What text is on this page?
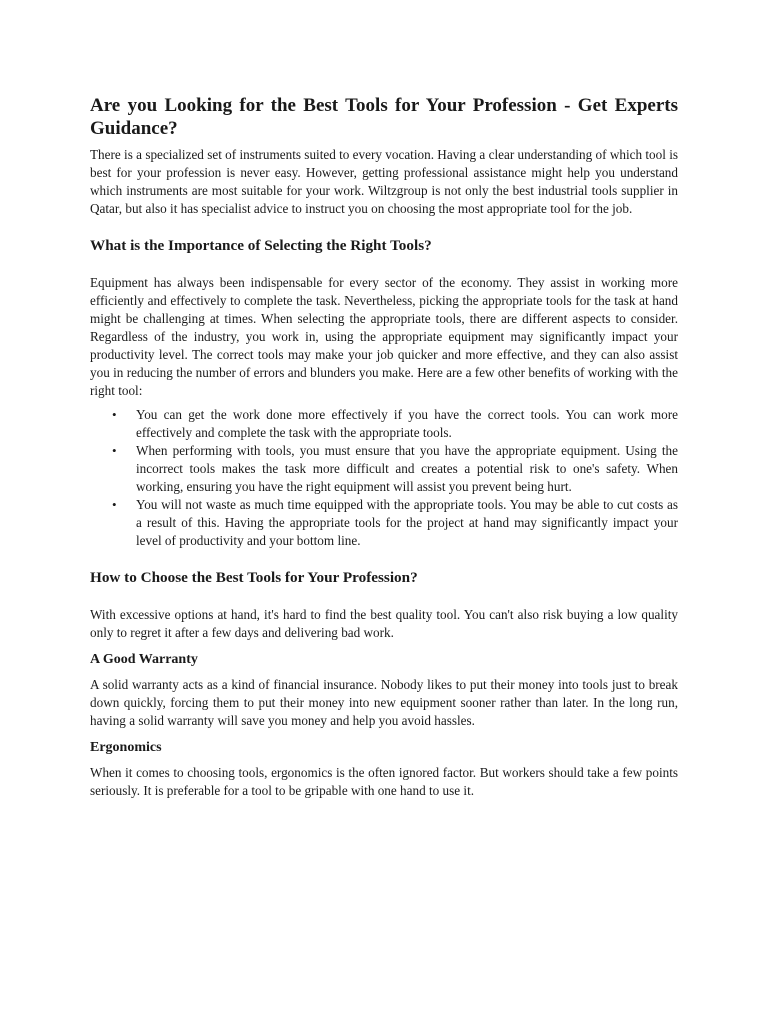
Are you Looking for the Best Tools for Your Profession - Get Experts Guidance?

There is a specialized set of instruments suited to every vocation. Having a clear understanding of which tool is best for your profession is never easy. However, getting professional assistance might help you understand which instruments are most suitable for your work. Wiltzgroup is not only the best industrial tools supplier in Qatar, but also it has specialist advice to instruct you on choosing the most appropriate tool for the job.

What is the Importance of Selecting the Right Tools?

Equipment has always been indispensable for every sector of the economy. They assist in working more efficiently and effectively to complete the task. Nevertheless, picking the appropriate tools for the task at hand might be challenging at times. When selecting the appropriate tools, there are different aspects to consider. Regardless of the industry, you work in, using the appropriate equipment may significantly impact your productivity level. The correct tools may make your job quicker and more effective, and they can also assist you in reducing the number of errors and blunders you make. Here are a few other benefits of working with the right tool:

• You can get the work done more effectively if you have the correct tools. You can work more effectively and complete the task with the appropriate tools.
• When performing with tools, you must ensure that you have the appropriate equipment. Using the incorrect tools makes the task more difficult and creates a potential risk to one's safety. When working, ensuring you have the right equipment will assist you prevent being hurt.
• You will not waste as much time equipped with the appropriate tools. You may be able to cut costs as a result of this. Having the appropriate tools for the project at hand may significantly impact your level of productivity and your bottom line.
How to Choose the Best Tools for Your Profession?

With excessive options at hand, it's hard to find the best quality tool. You can't also risk buying a low quality only to regret it after a few days and delivering bad work.

A Good Warranty

A solid warranty acts as a kind of financial insurance. Nobody likes to put their money into tools just to break down quickly, forcing them to put their money into new equipment sooner rather than later. In the long run, having a solid warranty will save you money and help you avoid hassles.

Ergonomics

When it comes to choosing tools, ergonomics is the often ignored factor. But workers should take a few points seriously. It is preferable for a tool to be gripable with one hand to use it.
